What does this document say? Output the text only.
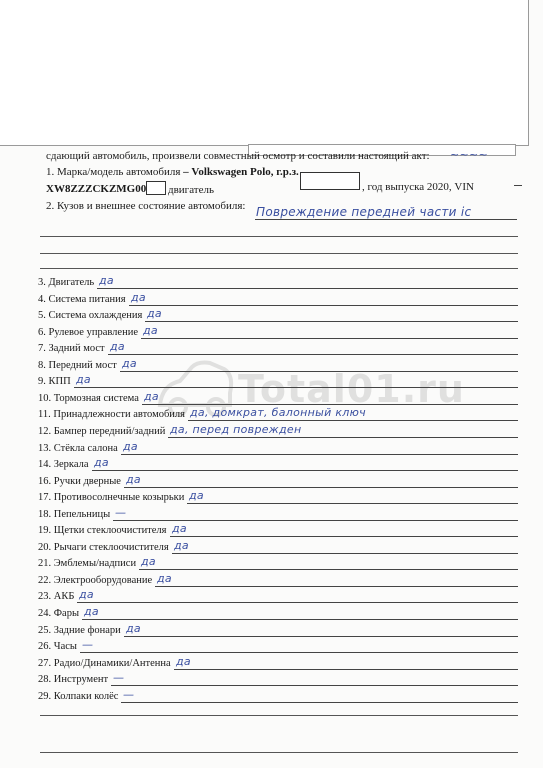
~~~~
сдающий автомобиль, произвели совместный осмотр и составили настоящий акт:
1. Марка/модель автомобиля – Volkswagen Polo, г.р.з.
, год выпуска 2020, VIN
XW8ZZZCKZMG00 двигатель
2. Кузов и внешнее состояние автомобиля: Повреждение передней части ic
Total01.ru
3. Двигатель да
4. Система питания да
5. Система охлаждения да
6. Рулевое управление да
7. Задний мост да
8. Передний мост да
9. КПП да
10. Тормозная система да
11. Принадлежности автомобиля да, домкрат, балонный ключ
12. Бампер передний/задний да, перед поврежден
13. Стёкла салона да
14. Зеркала да
16. Ручки дверные да
17. Противосолнечные козырьки да
18. Пепельницы —
19. Щетки стеклоочистителя да
20. Рычаги стеклоочистителя да
21. Эмблемы/надписи да
22. Электрооборудование да
23. АКБ да
24. Фары да
25. Задние фонари да
26. Часы —
27. Радио/Динамики/Антенна да
28. Инструмент —
29. Колпаки колёс —
